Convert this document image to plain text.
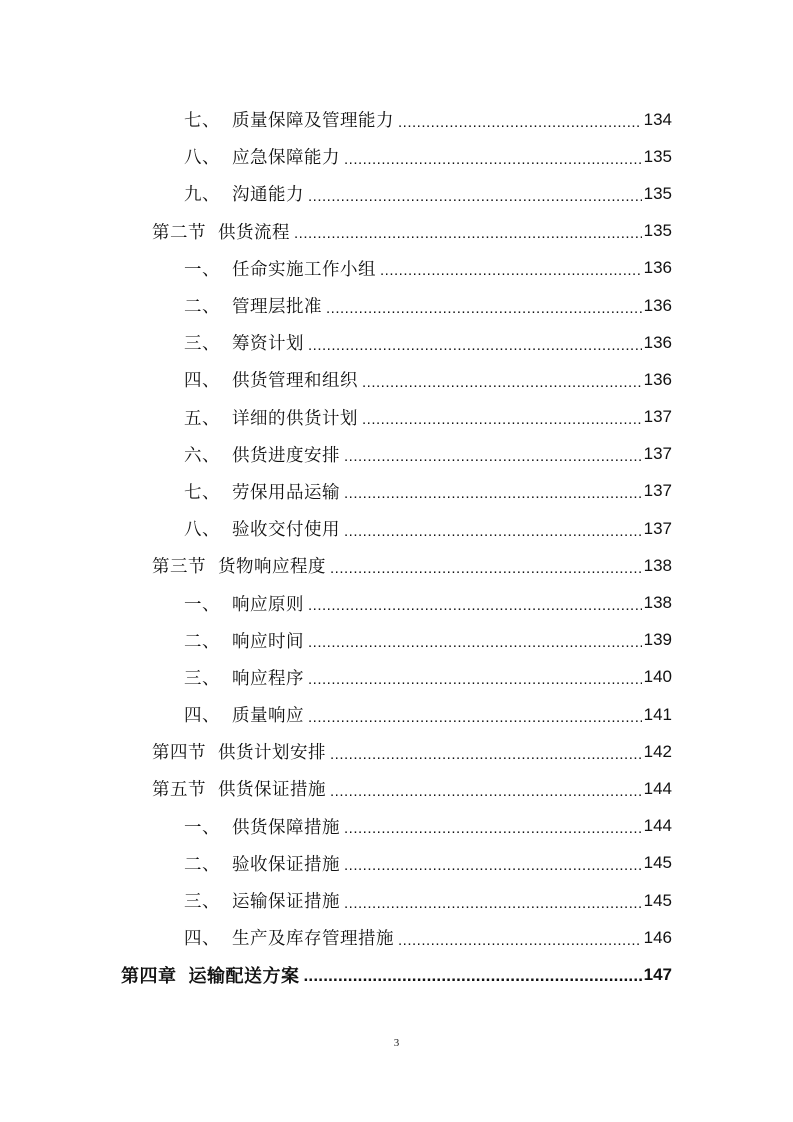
七、 质量保障及管理能力 .....	134
八、 应急保障能力 .....	135
九、 沟通能力 .....	135
第二节 供货流程 .....	135
一、 任命实施工作小组 .....	136
二、 管理层批准 .....	136
三、 筹资计划 .....	136
四、 供货管理和组织 .....	136
五、 详细的供货计划 .....	137
六、 供货进度安排 .....	137
七、 劳保用品运输 .....	137
八、 验收交付使用 .....	137
第三节 货物响应程度 .....	138
一、 响应原则 .....	138
二、 响应时间 .....	139
三、 响应程序 .....	140
四、 质量响应 .....	141
第四节 供货计划安排 .....	142
第五节 供货保证措施 .....	144
一、 供货保障措施 .....	144
二、 验收保证措施 .....	145
三、 运输保证措施 .....	145
四、 生产及库存管理措施 .....	146
第四章 运输配送方案 .....	147
3
